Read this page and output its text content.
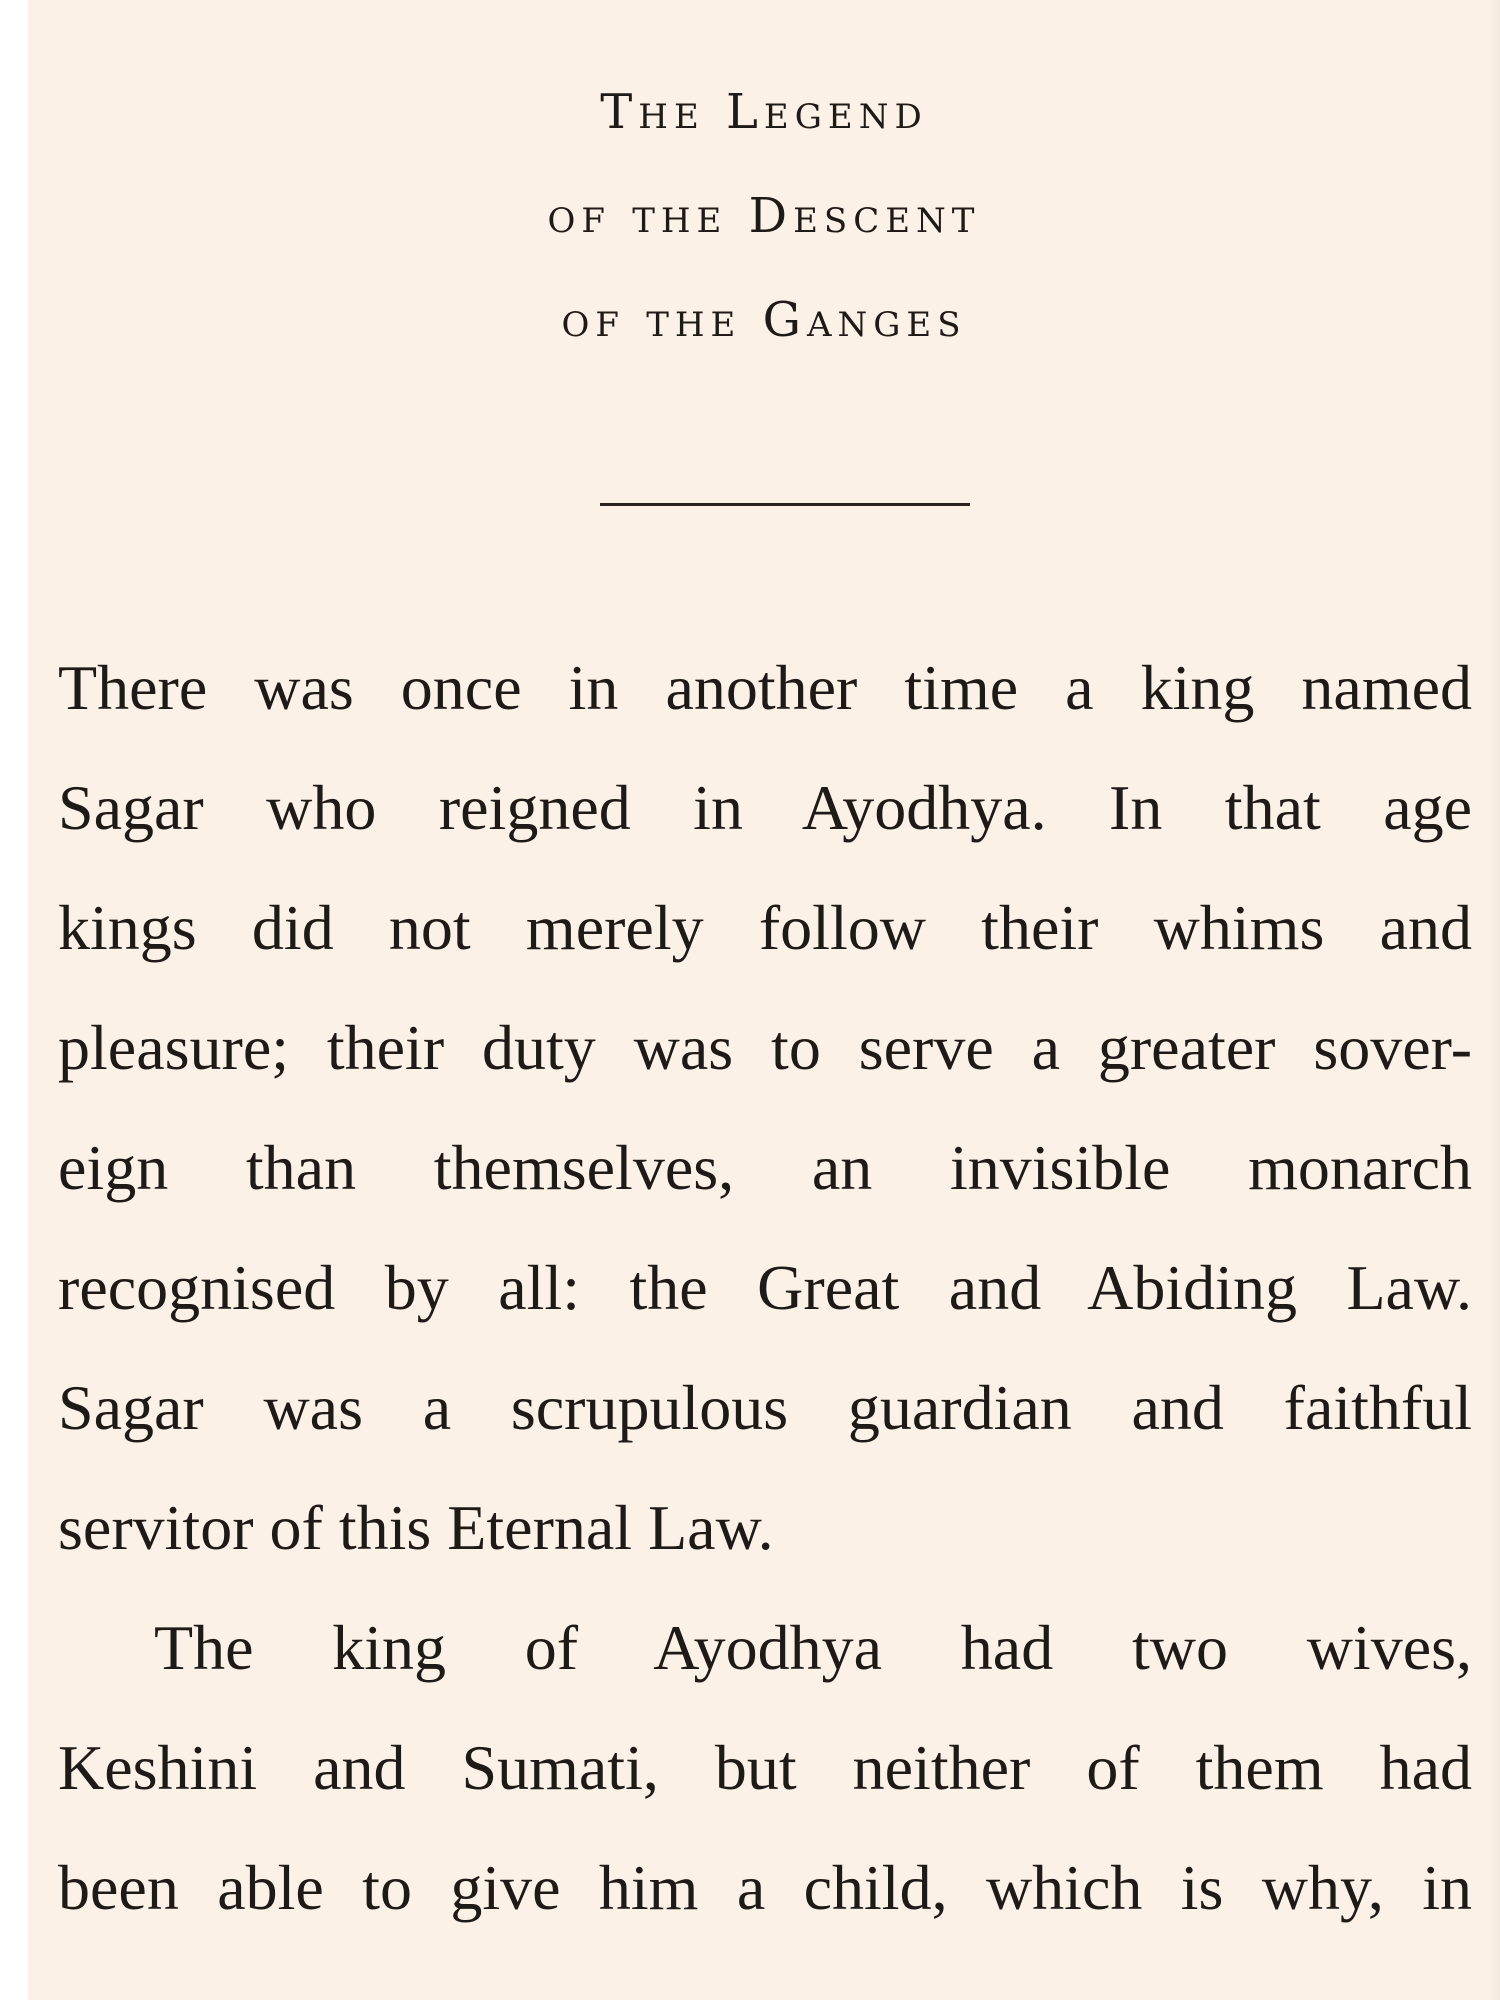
The Legend
of the Descent
of the Ganges

There was once in another time a king named
Sagar who reigned in Ayodhya. In that age
kings did not merely follow their whims and
pleasure; their duty was to serve a greater sover-
eign than themselves, an invisible monarch
recognised by all: the Great and Abiding Law.
Sagar was a scrupulous guardian and faithful
servitor of this Eternal Law.

The king of Ayodhya had two wives,
Keshini and Sumati, but neither of them had
been able to give him a child, which is why, in
